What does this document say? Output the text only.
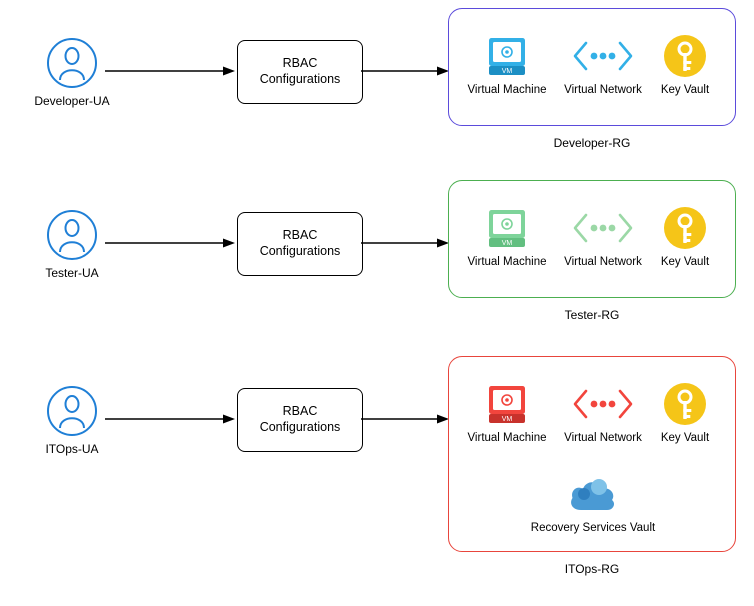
Developer-UA
RBAC
Configurations
VM
Virtual Machine	Virtual Network	Key Vault
Developer-RG
Tester-UA
RBAC
Configurations
VM
Virtual Machine	Virtual Network	Key Vault
Tester-RG
ITOps-UA
RBAC
Configurations
VM
Virtual Machine	Virtual Network	Key Vault
Recovery Services Vault
ITOps-RG
